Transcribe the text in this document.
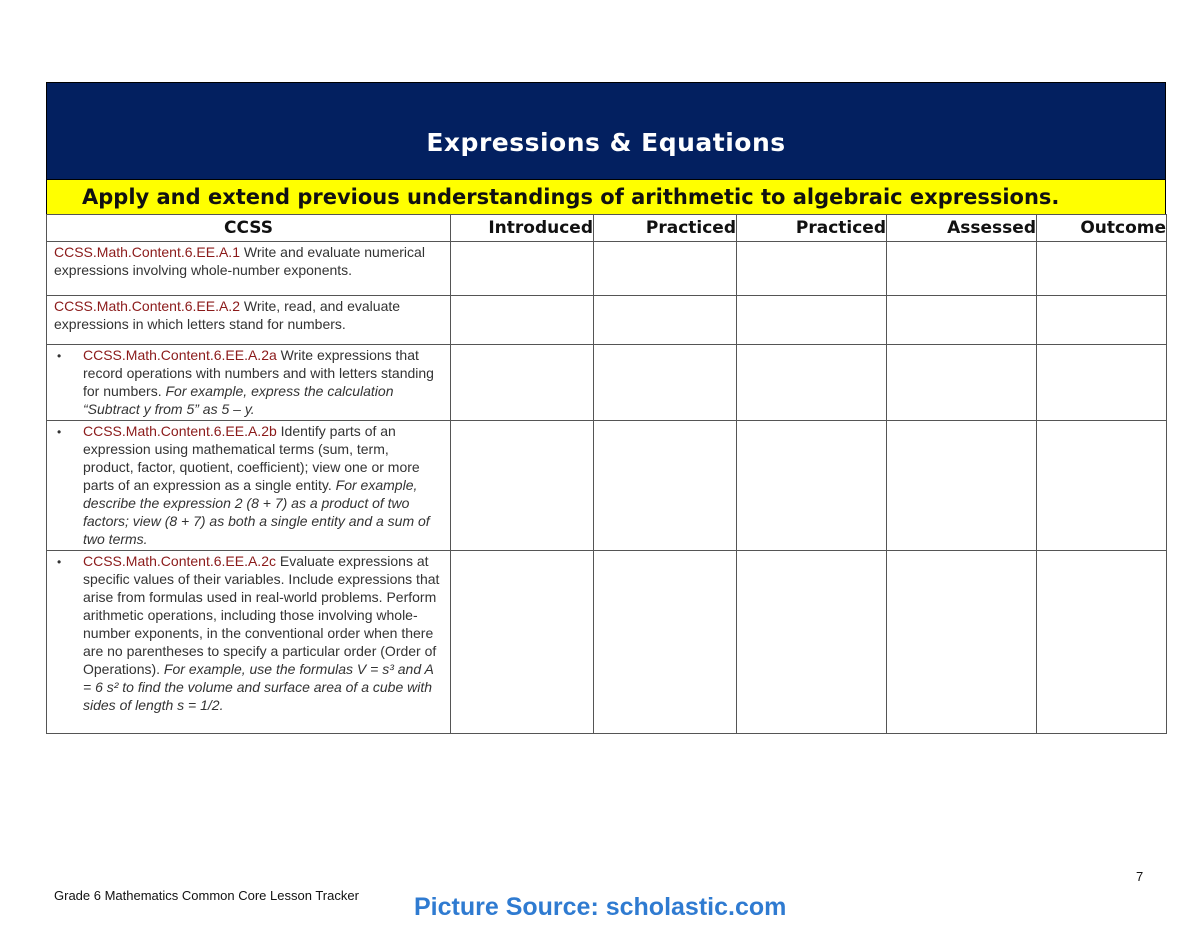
Expressions & Equations
Apply and extend previous understandings of arithmetic to algebraic expressions.
CCSS	Introduced	Practiced	Practiced	Assessed	Outcome
CCSS.Math.Content.6.EE.A.1 Write and evaluate numerical expressions involving whole-number exponents.					
CCSS.Math.Content.6.EE.A.2 Write, read, and evaluate expressions in which letters stand for numbers.					

• CCSS.Math.Content.6.EE.A.2a Write expressions that record operations with numbers and with letters standing for numbers. For example, express the calculation “Subtract y from 5” as 5 – y.					

• CCSS.Math.Content.6.EE.A.2b Identify parts of an expression using mathematical terms (sum, term, product, factor, quotient, coefficient); view one or more parts of an expression as a single entity. For example, describe the expression 2 (8 + 7) as a product of two factors; view (8 + 7) as both a single entity and a sum of two terms.					

• CCSS.Math.Content.6.EE.A.2c Evaluate expressions at specific values of their variables. Include expressions that arise from formulas used in real-world problems. Perform arithmetic operations, including those involving whole-number exponents, in the conventional order when there are no parentheses to specify a particular order (Order of Operations). For example, use the formulas V = s³ and A = 6 s² to find the volume and surface area of a cube with sides of length s = 1/2.					

7
Grade 6 Mathematics Common Core Lesson Tracker Picture Source: scholastic.com
